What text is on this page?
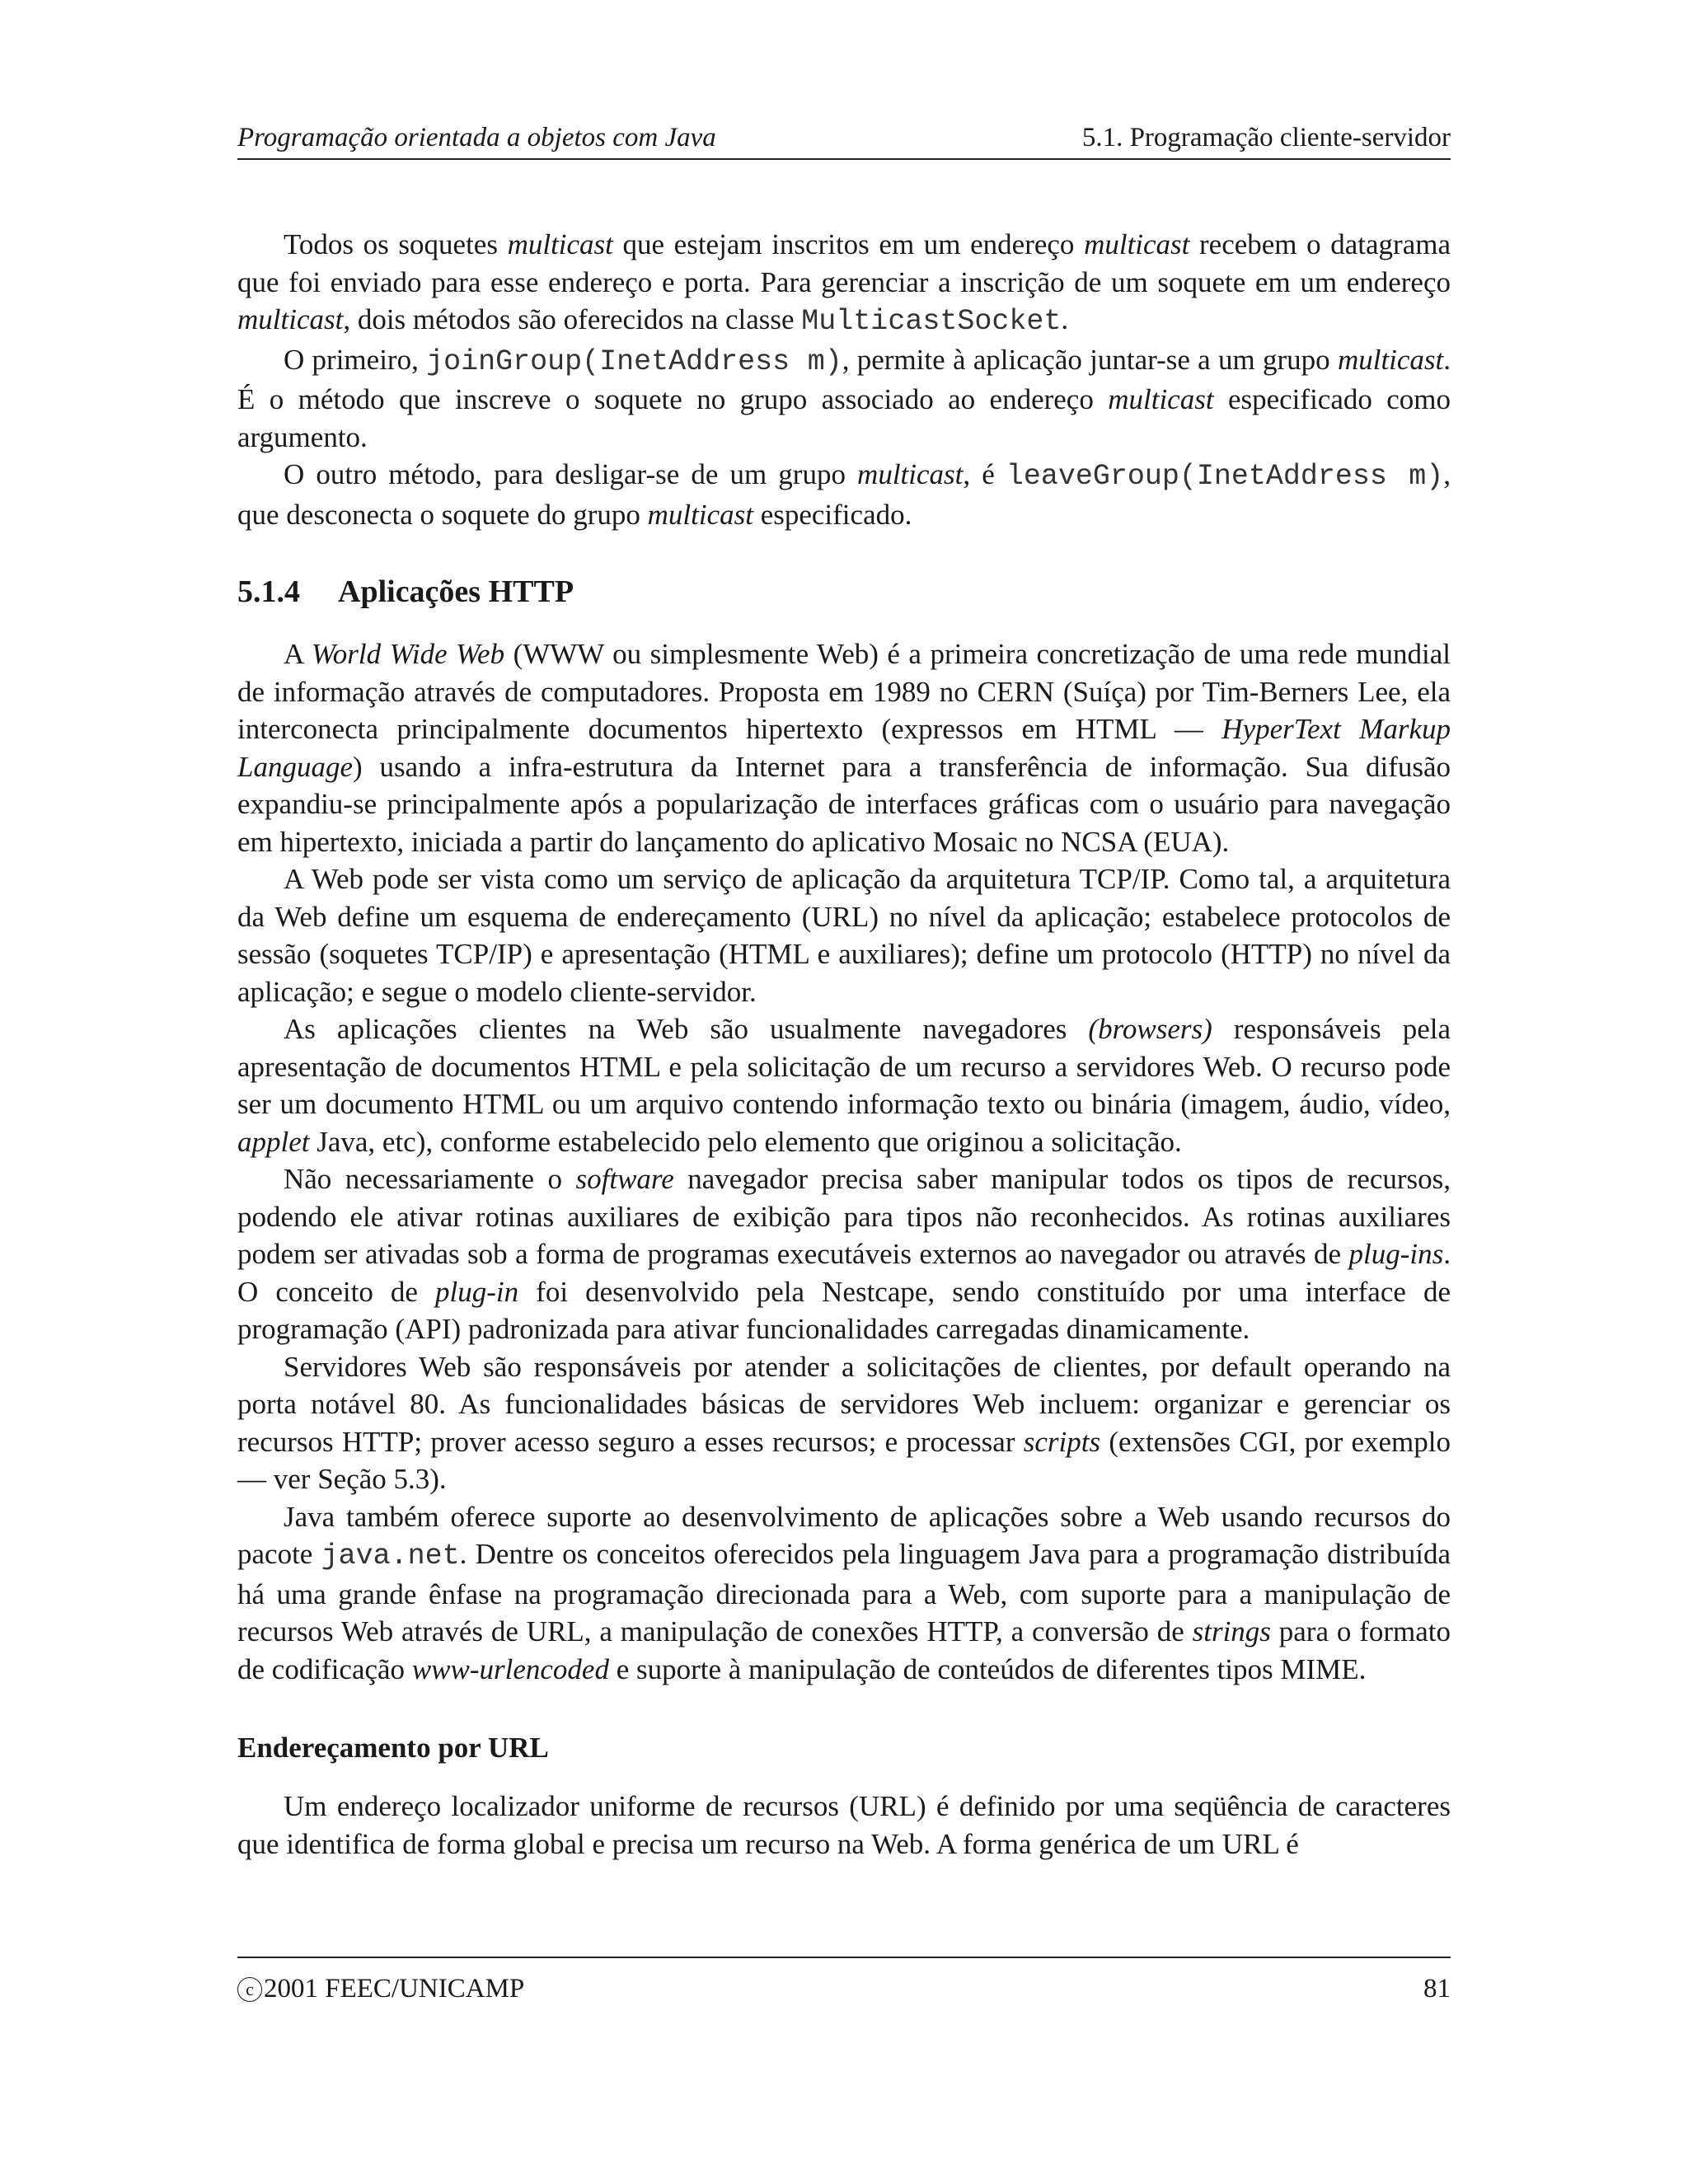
Programação orientada a objetos com Java	5.1. Programação cliente-servidor

Todos os soquetes multicast que estejam inscritos em um endereço multicast recebem o datagrama que foi enviado para esse endereço e porta. Para gerenciar a inscrição de um soquete em um endereço multicast, dois métodos são oferecidos na classe MulticastSocket.

O primeiro, joinGroup(InetAddress m), permite à aplicação juntar-se a um grupo multicast. É o método que inscreve o soquete no grupo associado ao endereço multicast especificado como argumento.

O outro método, para desligar-se de um grupo multicast, é leaveGroup(InetAddress m), que desconecta o soquete do grupo multicast especificado.

5.1.4 Aplicações HTTP

A World Wide Web (WWW ou simplesmente Web) é a primeira concretização de uma rede mundial de informação através de computadores. Proposta em 1989 no CERN (Suíça) por Tim-Berners Lee, ela interconecta principalmente documentos hipertexto (expressos em HTML — HyperText Markup Language) usando a infra-estrutura da Internet para a transferência de informação. Sua difusão expandiu-se principalmente após a popularização de interfaces gráficas com o usuário para navegação em hipertexto, iniciada a partir do lançamento do aplicativo Mosaic no NCSA (EUA).

A Web pode ser vista como um serviço de aplicação da arquitetura TCP/IP. Como tal, a arquitetura da Web define um esquema de endereçamento (URL) no nível da aplicação; estabelece protocolos de sessão (soquetes TCP/IP) e apresentação (HTML e auxiliares); define um protocolo (HTTP) no nível da aplicação; e segue o modelo cliente-servidor.

As aplicações clientes na Web são usualmente navegadores (browsers) responsáveis pela apresentação de documentos HTML e pela solicitação de um recurso a servidores Web. O recurso pode ser um documento HTML ou um arquivo contendo informação texto ou binária (imagem, áudio, vídeo, applet Java, etc), conforme estabelecido pelo elemento que originou a solicitação.

Não necessariamente o software navegador precisa saber manipular todos os tipos de recursos, podendo ele ativar rotinas auxiliares de exibição para tipos não reconhecidos. As rotinas auxiliares podem ser ativadas sob a forma de programas executáveis externos ao navegador ou através de plug-ins. O conceito de plug-in foi desenvolvido pela Nestcape, sendo constituído por uma interface de programação (API) padronizada para ativar funcionalidades carregadas dinamicamente.

Servidores Web são responsáveis por atender a solicitações de clientes, por default operando na porta notável 80. As funcionalidades básicas de servidores Web incluem: organizar e gerenciar os recursos HTTP; prover acesso seguro a esses recursos; e processar scripts (extensões CGI, por exemplo — ver Seção 5.3).

Java também oferece suporte ao desenvolvimento de aplicações sobre a Web usando recursos do pacote java.net. Dentre os conceitos oferecidos pela linguagem Java para a programação distribuída há uma grande ênfase na programação direcionada para a Web, com suporte para a manipulação de recursos Web através de URL, a manipulação de conexões HTTP, a conversão de strings para o formato de codificação www-urlencoded e suporte à manipulação de conteúdos de diferentes tipos MIME.

Endereçamento por URL

Um endereço localizador uniforme de recursos (URL) é definido por uma seqüência de caracteres que identifica de forma global e precisa um recurso na Web. A forma genérica de um URL é

c 2001 FEEC/UNICAMP	81
